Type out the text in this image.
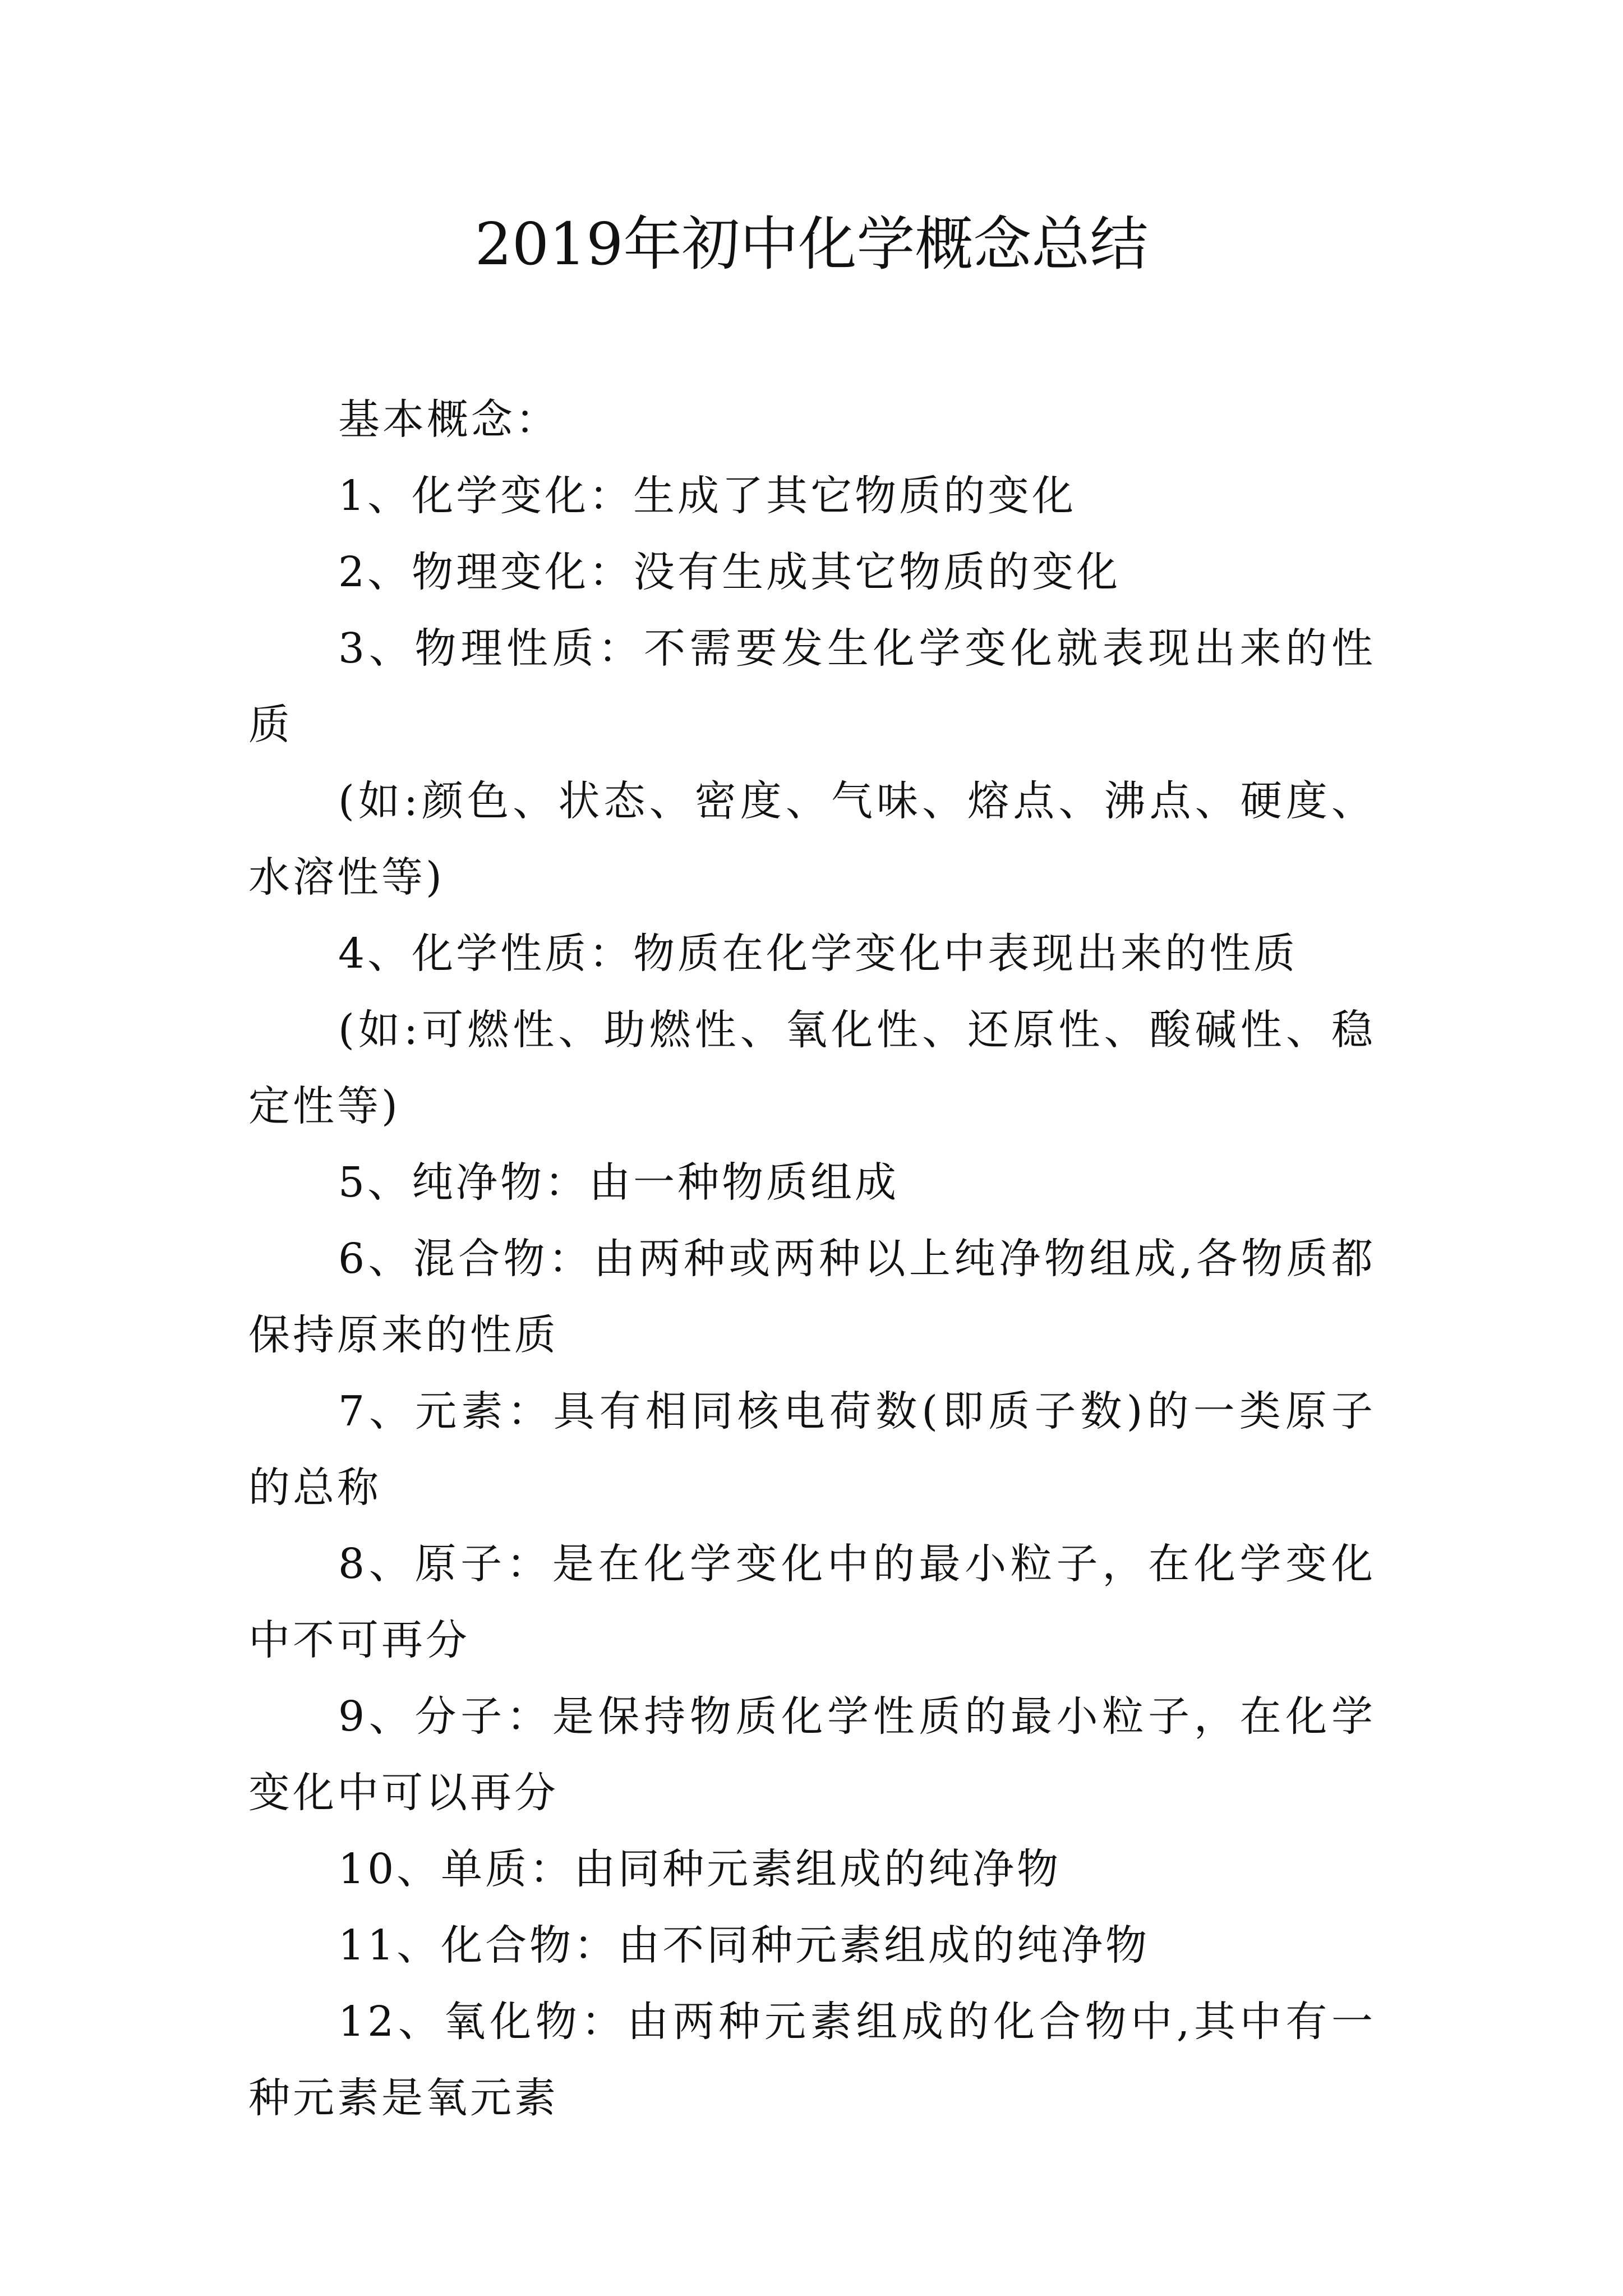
2019年初中化学概念总结

基本概念：

1、化学变化：生成了其它物质的变化

2、物理变化：没有生成其它物质的变化

3、物理性质：不需要发生化学变化就表现出来的性质

(如:颜色、状态、密度、气味、熔点、沸点、硬度、水溶性等)

4、化学性质：物质在化学变化中表现出来的性质

(如:可燃性、助燃性、氧化性、还原性、酸碱性、稳定性等)

5、纯净物：由一种物质组成

6、混合物：由两种或两种以上纯净物组成,各物质都保持原来的性质

7、元素：具有相同核电荷数(即质子数)的一类原子的总称

8、原子：是在化学变化中的最小粒子，在化学变化中不可再分

9、分子：是保持物质化学性质的最小粒子，在化学变化中可以再分

10、单质：由同种元素组成的纯净物

11、化合物：由不同种元素组成的纯净物

12、氧化物：由两种元素组成的化合物中,其中有一种元素是氧元素
